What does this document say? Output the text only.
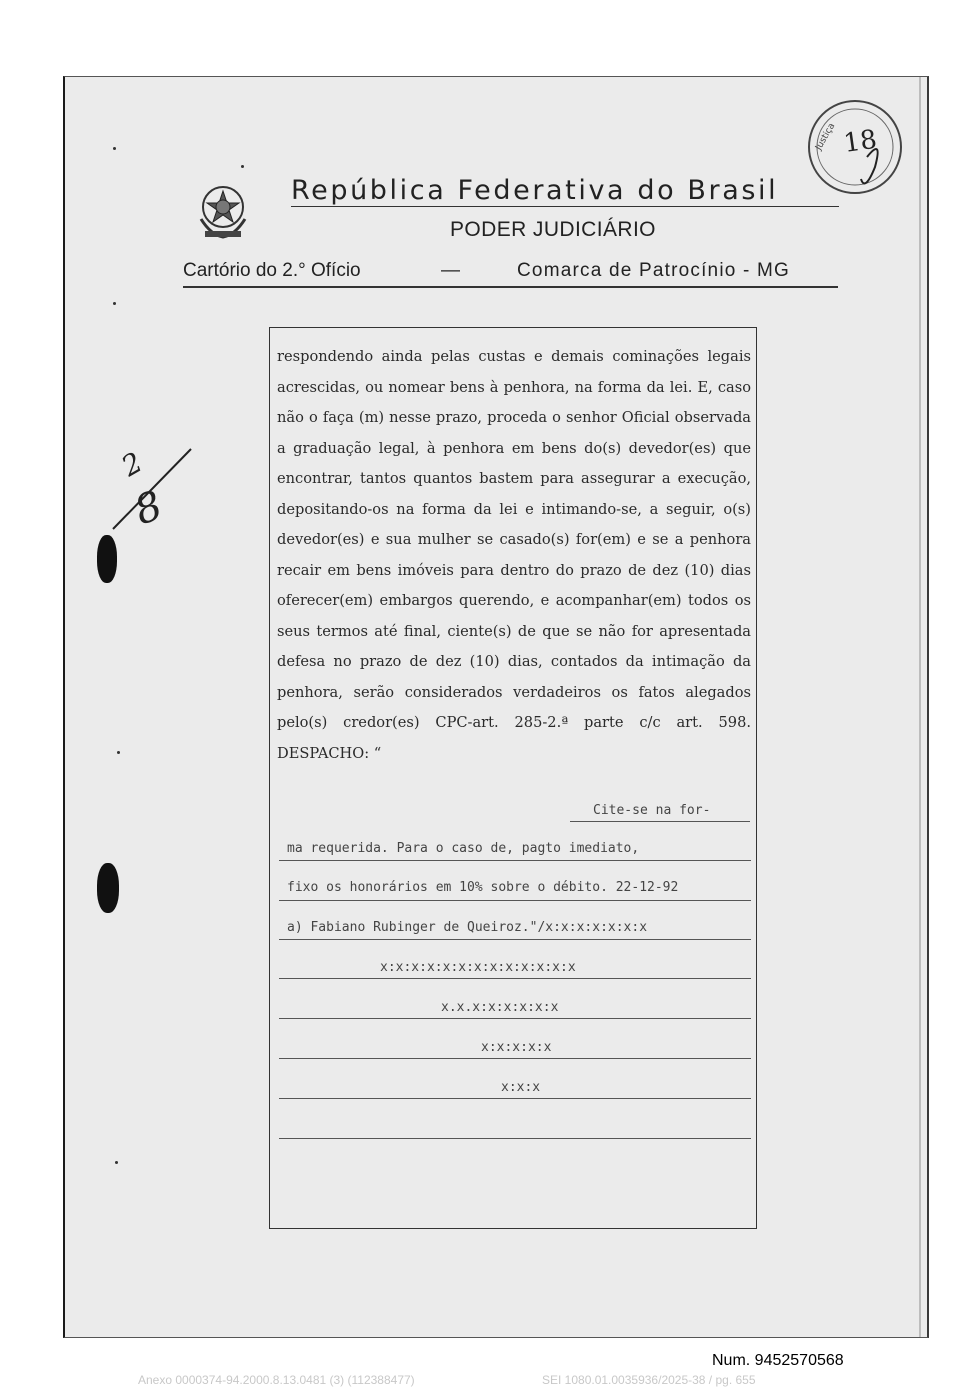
República Federativa do Brasil
PODER JUDICIÁRIO
Cartório do 2.° Ofício	—	Comarca de Patrocínio - MG
18
Justiça

respondendo ainda pelas custas e demais cominações legais acrescidas, ou nomear bens à penhora, na forma da lei. E, caso não o faça (m) nesse prazo, proceda o senhor Oficial observada a graduação legal, à penhora em bens do(s) devedor(es) que encontrar, tantos quantos bastem para assegurar a execução, depositando-os na forma da lei e intimando-se, a seguir, o(s) devedor(es) e sua mulher se casado(s) for(em) e se a penhora recair em bens imóveis para dentro do prazo de dez (10) dias oferecer(em) embargos querendo, e acompanhar(em) todos os seus termos até final, ciente(s) de que se não for apresentada defesa no prazo de dez (10) dias, contados da intimação da penhora, serão considerados verdadeiros os fatos alegados pelo(s) credor(es) CPC-art. 285-2.ª parte c/c art. 598. DESPACHO: “

Cite-se na for-
ma requerida. Para o caso de, pagto imediato,
fixo os honorários em 10% sobre o débito. 22-12-92
a) Fabiano Rubinger de Queiroz."/x:x:x:x:x:x:x
x:x:x:x:x:x:x:x:x:x:x:x:x
x.x.x:x:x:x:x:x
x:x:x:x:x
x:x:x
2
8
Num. 9452570568
Anexo 0000374-94.2000.8.13.0481 (3) (112388477)	SEI 1080.01.0035936/2025-38 / pg. 655
